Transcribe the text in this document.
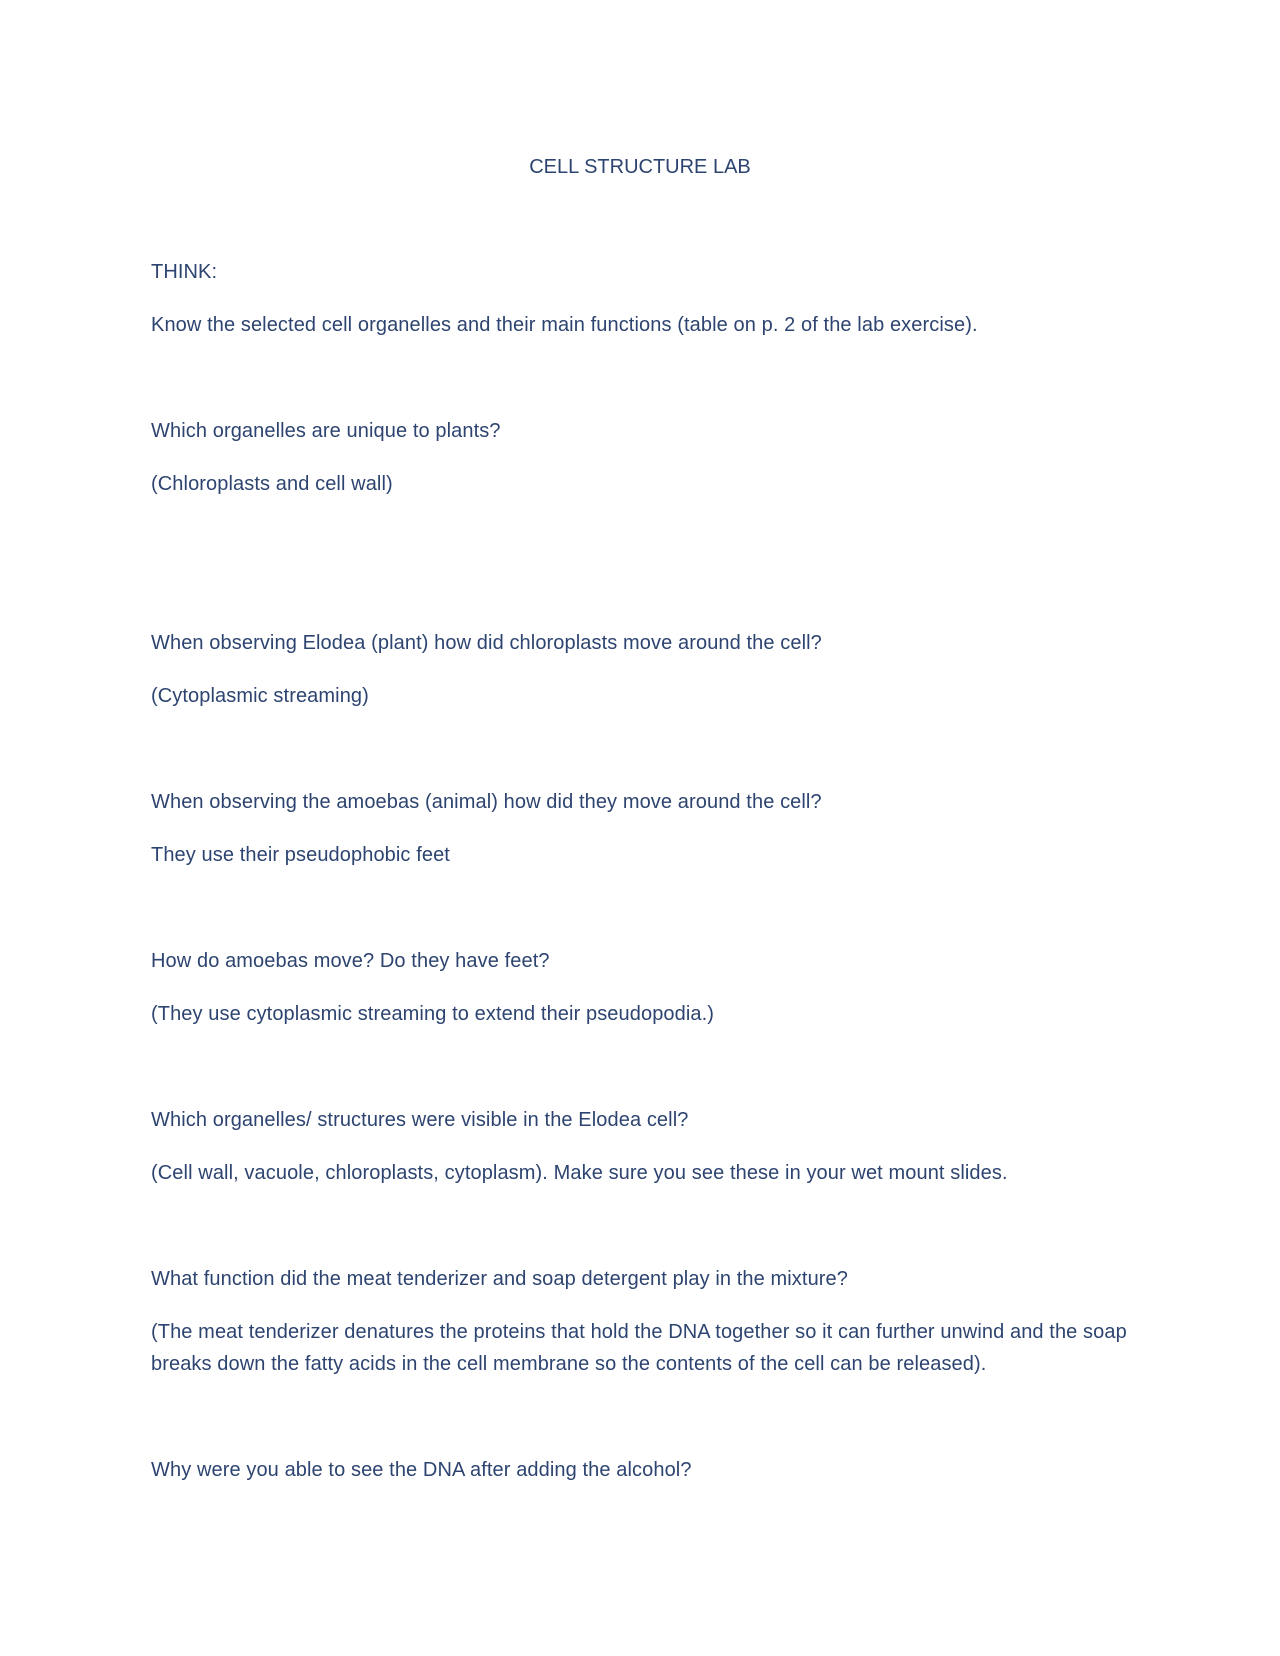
CELL STRUCTURE LAB
THINK:
Know the selected cell organelles and their main functions (table on p. 2 of the lab exercise).
Which organelles are unique to plants?
(Chloroplasts and cell wall)
When observing Elodea (plant) how did chloroplasts move around the cell?
(Cytoplasmic streaming)
When observing the amoebas (animal) how did they move around the cell?
They use their pseudophobic feet
How do amoebas move? Do they have feet?
(They use cytoplasmic streaming to extend their pseudopodia.)
Which organelles/ structures were visible in the Elodea cell?
(Cell wall, vacuole, chloroplasts, cytoplasm). Make sure you see these in your wet mount slides.
What function did the meat tenderizer and soap detergent play in the mixture?
(The meat tenderizer denatures the proteins that hold the DNA together so it can further unwind and the soap breaks down the fatty acids in the cell membrane so the contents of the cell can be released).
Why were you able to see the DNA after adding the alcohol?
